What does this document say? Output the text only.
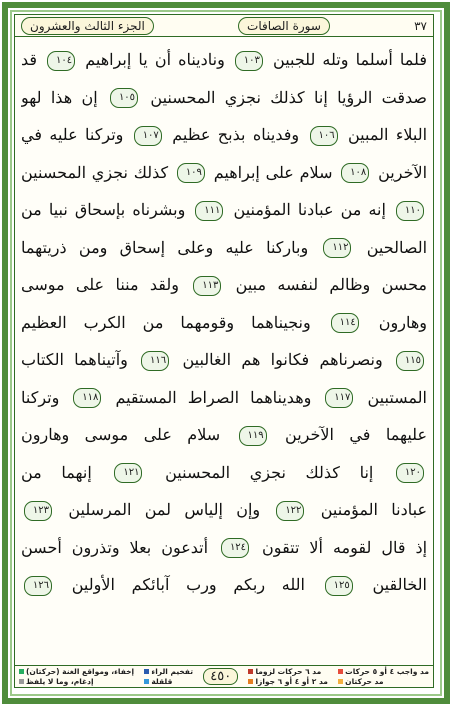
الجزء الثالث والعشرون	سورة الصافات	٣٧
فلما أسلما وتله للجبين ١٠٣ وناديناه أن يا إبراهيم ١٠٤ قد
صدقت الرؤيا إنا كذلك نجزي المحسنين ١٠٥ إن هذا لهو
البلاء المبين ١٠٦ وفديناه بذبح عظيم ١٠٧ وتركنا عليه في
الآخرين ١٠٨ سلام على إبراهيم ١٠٩ كذلك نجزي المحسنين
١١٠ إنه من عبادنا المؤمنين ١١١ وبشرناه بإسحاق نبيا من
الصالحين ١١٢ وباركنا عليه وعلى إسحاق ومن ذريتهما
محسن وظالم لنفسه مبين ١١٣ ولقد مننا على موسى
وهارون ١١٤ ونجيناهما وقومهما من الكرب العظيم
١١٥ ونصرناهم فكانوا هم الغالبين ١١٦ وآتيناهما الكتاب
المستبين ١١٧ وهديناهما الصراط المستقيم ١١٨ وتركنا
عليهما في الآخرين ١١٩ سلام على موسى وهارون
١٢٠ إنا كذلك نجزي المحسنين ١٢١ إنهما من
عبادنا المؤمنين ١٢٢ وإن إلياس لمن المرسلين ١٢٣
إذ قال لقومه ألا تتقون ١٢٤ أتدعون بعلا وتذرون أحسن
الخالقين ١٢٥ الله ربكم ورب آبائكم الأولين ١٢٦
إخفاء، ومواقع الغنة (حركتان)
إدغام، وما لا يلفظ
تفخيم الراء
قلقلة	٤٥٠	مد ٦ حركات لزوما
مد ٢ أو ٤ أو ٦ جوازا
مد واجب ٤ أو ٥ حركات
مد حركتان
